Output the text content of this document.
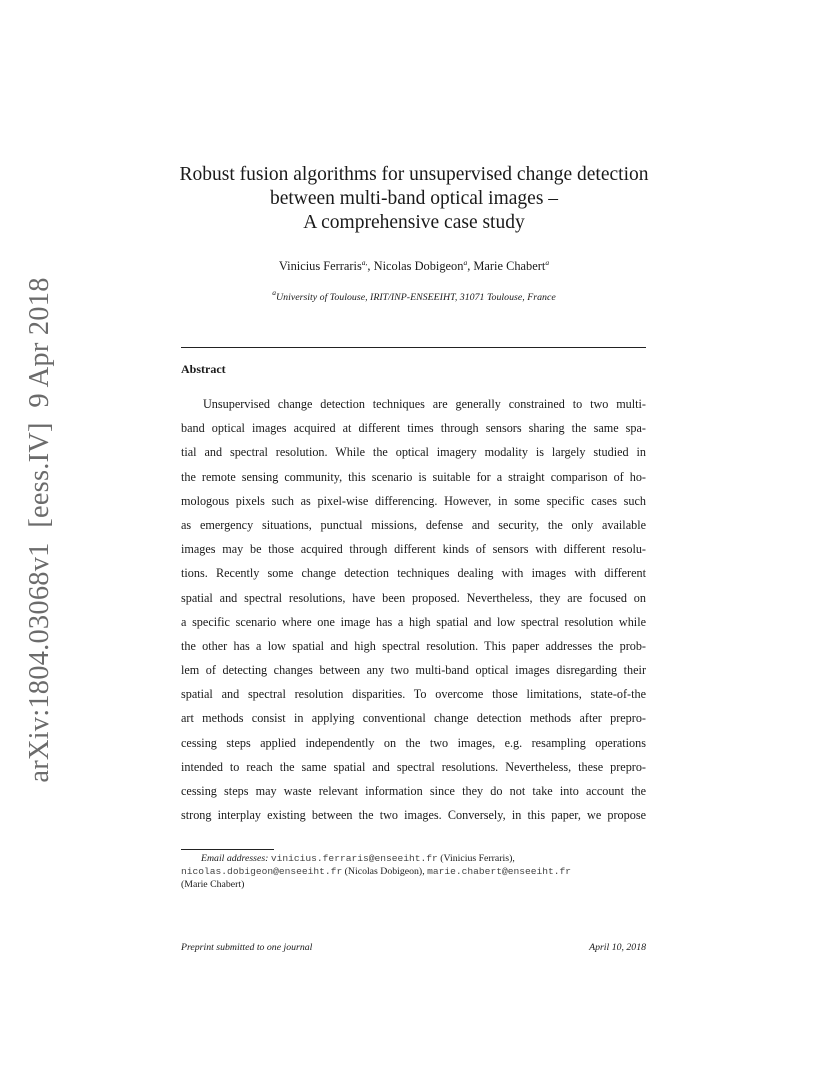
arXiv:1804.03068v1  [eess.IV]  9 Apr 2018
Robust fusion algorithms for unsupervised change detection
between multi-band optical images –
A comprehensive case study
Vinicius Ferraris$^{a,}$, Nicolas Dobigeon$^a$, Marie Chabert$^a$
$^a$University of Toulouse, IRIT/INP-ENSEEIHT, 31071 Toulouse, France
Abstract
Unsupervised change detection techniques are generally constrained to two multi-
band optical images acquired at different times through sensors sharing the same spa-
tial and spectral resolution. While the optical imagery modality is largely studied in
the remote sensing community, this scenario is suitable for a straight comparison of ho-
mologous pixels such as pixel-wise differencing. However, in some specific cases such
as emergency situations, punctual missions, defense and security, the only available
images may be those acquired through different kinds of sensors with different resolu-
tions. Recently some change detection techniques dealing with images with different
spatial and spectral resolutions, have been proposed. Nevertheless, they are focused on
a specific scenario where one image has a high spatial and low spectral resolution while
the other has a low spatial and high spectral resolution. This paper addresses the prob-
lem of detecting changes between any two multi-band optical images disregarding their
spatial and spectral resolution disparities. To overcome those limitations, state-of-the
art methods consist in applying conventional change detection methods after prepro-
cessing steps applied independently on the two images, e.g. resampling operations
intended to reach the same spatial and spectral resolutions. Nevertheless, these prepro-
cessing steps may waste relevant information since they do not take into account the
strong interplay existing between the two images. Conversely, in this paper, we propose
Email addresses: vinicius.ferraris@enseeiht.fr (Vinicius Ferraris),
nicolas.dobigeon@enseeiht.fr (Nicolas Dobigeon), marie.chabert@enseeiht.fr
(Marie Chabert)
Preprint submitted to one journal	April 10, 2018
